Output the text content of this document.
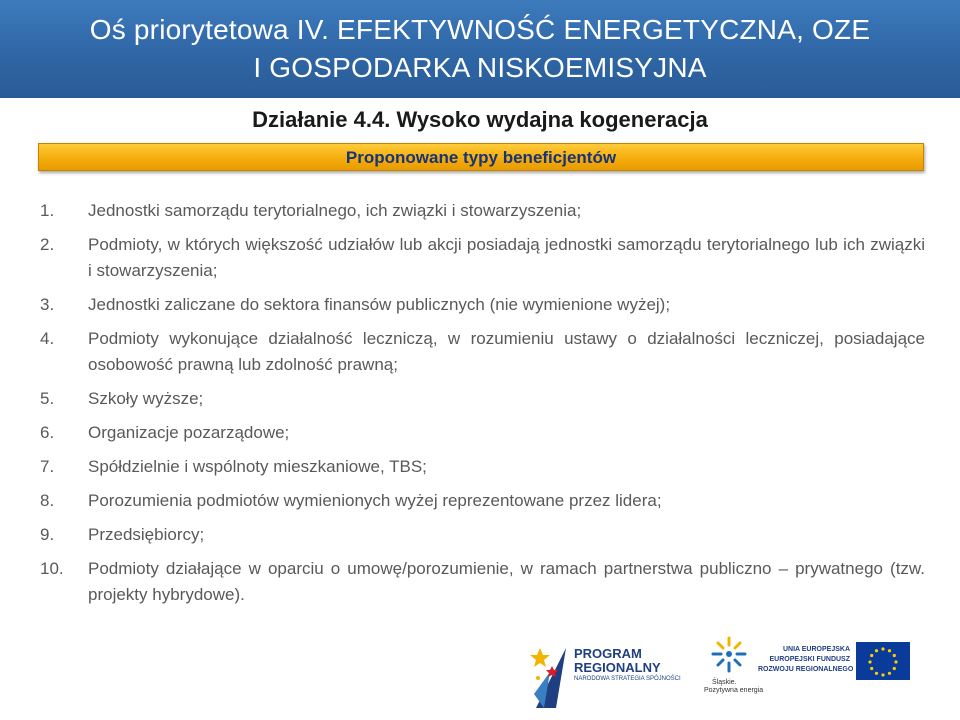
Oś priorytetowa IV. EFEKTYWNOŚĆ ENERGETYCZNA, OZE
I GOSPODARKA NISKOEMISYJNA
Działanie 4.4. Wysoko wydajna kogeneracja
Proponowane typy beneficjentów
1.	Jednostki samorządu terytorialnego, ich związki i stowarzyszenia;
2.	Podmioty, w których większość udziałów lub akcji posiadają jednostki samorządu terytorialnego lub ich związki i stowarzyszenia;
3.	Jednostki zaliczane do sektora finansów publicznych (nie wymienione wyżej);
4.	Podmioty wykonujące działalność leczniczą, w rozumieniu ustawy o działalności leczniczej, posiadające osobowość prawną lub zdolność prawną;
5.	Szkoły wyższe;
6.	Organizacje pozarządowe;
7.	Spółdzielnie i wspólnoty mieszkaniowe, TBS;
8.	Porozumienia podmiotów wymienionych wyżej reprezentowane przez lidera;
9.	Przedsiębiorcy;
10.	Podmioty działające w oparciu o umowę/porozumienie, w ramach partnerstwa publiczno – prywatnego (tzw. projekty hybrydowe).
PROGRAM
REGIONALNY
NARODOWA STRATEGIA SPÓJNOŚCI	Śląskie.
Pozytywna energia
UNIA EUROPEJSKA
EUROPEJSKI FUNDUSZ
ROZWOJU REGIONALNEGO
